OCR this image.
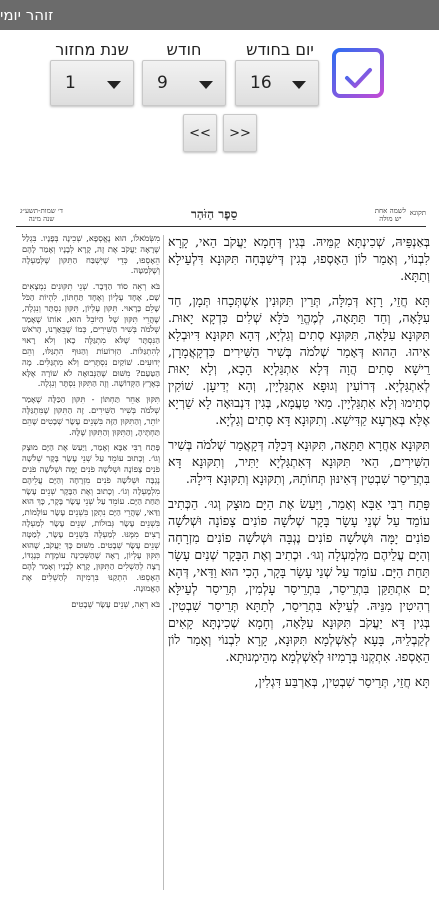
זוהר יומי
יום בחודש
חודש
שנת מחזור
16
9
1
<<	>>
תקונא
לשמה אחת
יש מולה
סֵפֶר הַזֹּהַר
ד׳ שמות-תשע״ג
שנה מינה

בְּאַנְפֵּיהּ, שְׁכִינְתָּא קַמֵּיהּ. בְּגִין דְּחָמָא יַעֲקֹב הַאי, קָרָא לִבְנוֹי, וְאָמַר לוֹן הֵאָסְפוּ, בְּגִין דְּישַׁבְּחָה תִּקּוּנָא דִּלְעֵילָא וְתַתָּא.

תָּא חֲזֵי, רָזָא דְּמִלָּה, תְּרֵין תִּקּוּנִין אִשְׁתְּכָחוּ תְּמָן, חַד עִלָּאָה, וְחַד תַּתָּאָה, לְמֶהֱוֵי כֹּלָּא שְׁלִים כִּדְקָא יָאוּת. תִּקּוּנָא עִלָּאָה, תִּקּוּנָא סְתִים וְגַלְיָא, דְּהָא תִּקּוּנָא דִּיוּבְלָא אִיהוּ. הַהוּא דְּאָמַר שְׁלֹמֹה בְּשִׁיר הַשִּׁירִים כִּדְקָאֲמָרָן, רֵישָׁא סָתִים הֲוָה דְּלָא אִתְגַּלְיָא הָכָא, וְלָא יָאוּת לְאִתְגַּלְיָא. דְּרוֹעִין וְגוּפָא אִתְגַּלְיָין, וְהָא יְדִיעָן. שׁוֹקִין סְתִימוּ וְלָא אִתְגַּלְיָין. מַאי טַעֲמָא, בְּגִין דִּנְבוּאָה לָא שַׁרְיָא אֶלָּא בְּאַרְעָא קַדִּישָׁא. וְתִקּוּנָא דָּא סָתִים וְגַלְיָא.

תִּקּוּנָא אַחֲרָא תַּתָּאָה, תִּקּוּנָא דְּכַלָּה דְּקָאֲמַר שְׁלֹמֹה בְּשִׁיר הַשִּׁירִים, הַאי תִּקּוּנָא דְּאִתְגַּלְיָא יַתִּיר, וְתִקּוּנָא דָּא בִּתְרֵיסַר שִׁבְטִין דְּאִינּוּן תְּחוֹתָהּ, וְתִקּוּנָא וְתִקּוּנָא דִּילָהּ.

פָּתַח רִבִּי אַבָּא וְאָמַר, וַיַּעַשׂ אֶת הַיָּם מוּצָק וְגוּ׳. הַכְּתִיב עוֹמֵד עַל שְׁנֵי עָשָׂר בָּקָר שְׁלֹשָׁה פוֹנִים צָפוֹנָה וּשְׁלֹשָׁה פוֹנִים יָמָּה וּשְׁלֹשָׁה פוֹנִים נֶגְבָּה וּשְׁלֹשָׁה פוֹנִים מִזְרָחָה וְהַיָּם עֲלֵיהֶם מִלְמַעְלָה וְגוּ׳. וּכְתִיב וְאֶת הַבָּקָר שְׁנַיִם עָשָׂר תַּחַת הַיָּם. עוֹמֵד עַל שְׁנֵי עָשָׂר בָּקָר, הָכִי הוּא וַדַּאי, דְּהָא יָם אִתְתַּקַּן בִּתְרֵיסַר, בִּתְרֵיסַר עָלְמִין, תְּרֵיסַר לְעֵילָּא רְהִיטִין מִנֵּיהּ. לְעֵילָּא בִּתְרֵיסַר, לְתַתָּא תְּרֵיסַר שִׁבְטִין. בְּגִין דָּא יַעֲקֹב תִּקּוּנָא עִלָּאָה, וְחָמָא שְׁכִינְתָּא קָאִים לְקַבְלֵיהּ, בָּעָא לְאַשְׁלְמָא תִּקּוּנָא, קָרָא לִבְנוֹי וְאָמַר לוֹן הֵאָסְפוּ. אִתְקְנוּ בְּרָמִיזוּ לְאַשְׁלְמָא מְהֵימְנוּתָא.

תָּא חֲזֵי, תְּרֵיסַר שִׁבְטִין, בְּאַרְבַּע דִּגְלִין,

מִשְּׂמֹאלוֹ, הוּא נֶאֱסְפָא, שְׁכִינָה בְּפָנָיו. בִּגְלַל שֶׁרָאָה יַעֲקֹב אֶת זֶה, קָרָא לְבָנָיו וְאָמַר לָהֶם הֵאָסְפוּ, כְּדֵי שֶׁיִּשְׁבַּח הַתִּקּוּן שֶׁלְּמַעְלָה וְשֶׁלְּמַטָּה.

בֹּא רְאֵה סוֹד הַדָּבָר. שְׁנֵי תִקּוּנִים נִמְצָאִים שָׁם, אֶחָד עֶלְיוֹן וְאֶחָד תַּחְתּוֹן, לִהְיוֹת הַכֹּל שָׁלֵם כָּרָאוּי. תִּקּוּן עֶלְיוֹן, תִּקּוּן נִסְתָּר וְנִגְלֶה, שֶׁהֲרֵי תִּקּוּן שֶׁל הַיּוֹבֵל הוּא, אוֹתוֹ שֶׁאָמַר שְׁלֹמֹה בְּשִׁיר הַשִּׁירִים, כְּמוֹ שֶׁבֵּאַרְנוּ, הָרֹאשׁ הַנִּסְתָּר שֶׁלֹּא מִתְגַּלֶּה כָאן וְלֹא רָאוּי לְהִתְגַּלּוֹת. הַזְּרוֹעוֹת וְהַגּוּף הִתְגַּלּוּ, וְהֵם יְדוּעִים. שׁוֹקַיִם נִסְתָּרִים וְלֹא מִתְגַּלִּים. מָה הַטַּעַם? מִשּׁוּם שֶׁהַנְּבוּאָה לֹא שׁוֹרָה אֶלָּא בְּאֶרֶץ הַקְּדוֹשָׁה. וְזֶה הַתִּקּוּן נִסְתָּר וְנִגְלֶה.

תִּקּוּן אַחֵר תַּחְתּוֹן - תִּקּוּן הַכַּלָּה שֶׁאָמַר שְׁלֹמֹה בְּשִׁיר הַשִּׁירִים. זֶה הַתִּקּוּן שֶׁמִּתְגַּלֶּה יוֹתֵר, וְהַתִּקּוּן הַזֶּה בִּשְׁנֵים עָשָׂר שְׁבָטִים שֶׁהֵם תַּחְתֶּיהָ, וְהַתִּקּוּן וְהַתִּקּוּן שֶׁלָּהּ.

פָּתַח רַבִּי אַבָּא וְאָמַר, וַיַּעַשׂ אֶת הַיָּם מוּצָק וְגוֹ׳. וְכָתוּב עוֹמֵד עַל שְׁנֵי עָשָׂר בָּקָר שְׁלֹשָׁה פֹנִים צָפוֹנָה וּשְׁלֹשָׁה פֹנִים יָמָּה וּשְׁלֹשָׁה פֹנִים נֶגְבָּה וּשְׁלֹשָׁה פֹנִים מִזְרָחָה וְהַיָּם עֲלֵיהֶם מִלְמָעְלָה וְגוֹ׳. וְכָתוּב וְאֶת הַבָּקָר שְׁנֵים עָשָׂר תַּחַת הַיָּם. עוֹמֵד עַל שְׁנֵי עָשָׂר בָּקָר, כָּךְ הוּא וַדַּאי, שֶׁהֲרֵי הַיָּם נִתְקַן בִּשְׁנֵים עָשָׂר עוֹלָמוֹת, בִּשְׁנֵים עָשָׂר גְּבוּלוֹת, שְׁנֵים עָשָׂר לְמַעְלָה רָצִים מִמֶּנּוּ. לְמַעְלָה בִּשְׁנֵים עָשָׂר, לְמַטָּה שְׁנֵים עָשָׂר שְׁבָטִים. מִשּׁוּם כָּךְ יַעֲקֹב, שֶׁהוּא תִּקּוּן עֶלְיוֹן, רָאָה שֶׁהַשְּׁכִינָה עוֹמֶדֶת כְּנֶגְדּוֹ, רָצָה לְהַשְׁלִים הַתִּקּוּן, קָרָא לְבָנָיו וְאָמַר לָהֶם הֵאָסְפוּ. הִתְקַנּוּ בִּרְמִיזָה לְהַשְׁלִים אֶת הָאֱמוּנָה.

בֹּא רְאֵה, שְׁנֵים עָשָׂר שְׁבָטִים
